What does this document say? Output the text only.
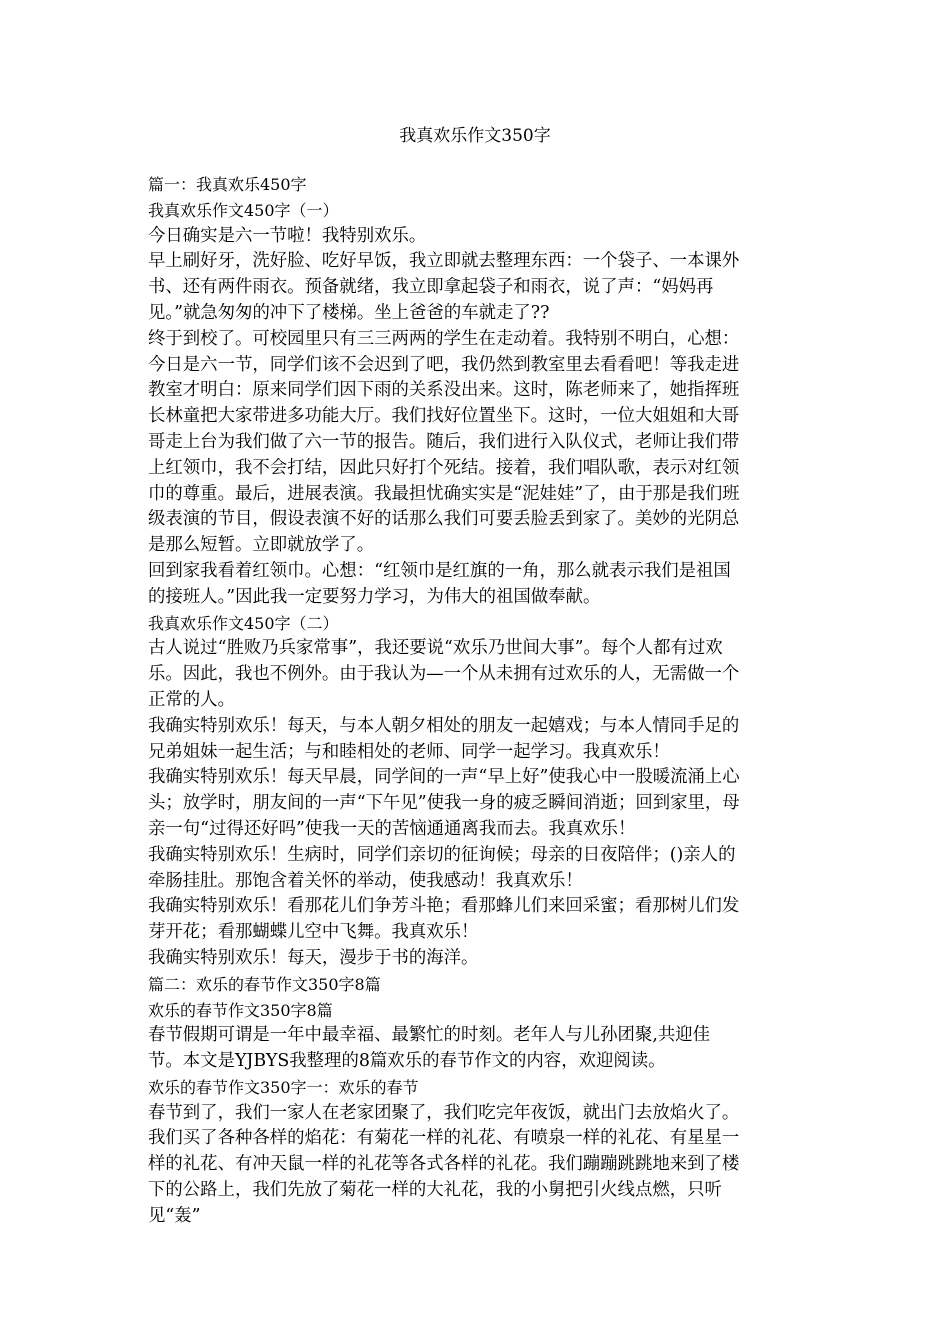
我真欢乐作文350字

篇一：我真欢乐450字

我真欢乐作文450字（一）

今日确实是六一节啦！我特别欢乐。

早上刷好牙，洗好脸、吃好早饭，我立即就去整理东西：一个袋子、一本课外

书、还有两件雨衣。预备就绪，我立即拿起袋子和雨衣，说了声：“妈妈再

见。”就急匆匆的冲下了楼梯。坐上爸爸的车就走了??

终于到校了。可校园里只有三三两两的学生在走动着。我特别不明白，心想：

今日是六一节，同学们该不会迟到了吧，我仍然到教室里去看看吧！等我走进

教室才明白：原来同学们因下雨的关系没出来。这时，陈老师来了，她指挥班

长林童把大家带进多功能大厅。我们找好位置坐下。这时，一位大姐姐和大哥

哥走上台为我们做了六一节的报告。随后，我们进行入队仪式，老师让我们带

上红领巾，我不会打结，因此只好打个死结。接着，我们唱队歌，表示对红领

巾的尊重。最后，进展表演。我最担忧确实实是“泥娃娃”了，由于那是我们班

级表演的节目，假设表演不好的话那么我们可要丢脸丢到家了。美妙的光阴总

是那么短暂。立即就放学了。

回到家我看着红领巾。心想：“红领巾是红旗的一角，那么就表示我们是祖国

的接班人。”因此我一定要努力学习，为伟大的祖国做奉献。

我真欢乐作文450字（二）

古人说过“胜败乃兵家常事”，我还要说“欢乐乃世间大事”。每个人都有过欢

乐。因此，我也不例外。由于我认为—一个从未拥有过欢乐的人，无需做一个

正常的人。

我确实特别欢乐！每天，与本人朝夕相处的朋友一起嬉戏；与本人情同手足的

兄弟姐妹一起生活；与和睦相处的老师、同学一起学习。我真欢乐！

我确实特别欢乐！每天早晨，同学间的一声“早上好”使我心中一股暖流涌上心

头；放学时，朋友间的一声“下午见”使我一身的疲乏瞬间消逝；回到家里，母

亲一句“过得还好吗”使我一天的苦恼通通离我而去。我真欢乐！

我确实特别欢乐！生病时，同学们亲切的征询候；母亲的日夜陪伴；()亲人的

牵肠挂肚。那饱含着关怀的举动，使我感动！我真欢乐！

我确实特别欢乐！看那花儿们争芳斗艳；看那蜂儿们来回采蜜；看那树儿们发

芽开花；看那蝴蝶儿空中飞舞。我真欢乐！

我确实特别欢乐！每天，漫步于书的海洋。

篇二：欢乐的春节作文350字8篇

欢乐的春节作文350字8篇

春节假期可谓是一年中最幸福、最繁忙的时刻。老年人与儿孙团聚,共迎佳

节。本文是YJBYS我整理的8篇欢乐的春节作文的内容，欢迎阅读。

欢乐的春节作文350字一：欢乐的春节

春节到了，我们一家人在老家团聚了，我们吃完年夜饭，就出门去放焰火了。

我们买了各种各样的焰花：有菊花一样的礼花、有喷泉一样的礼花、有星星一

样的礼花、有冲天鼠一样的礼花等各式各样的礼花。我们蹦蹦跳跳地来到了楼

下的公路上，我们先放了菊花一样的大礼花，我的小舅把引火线点燃，只听

见“轰”
